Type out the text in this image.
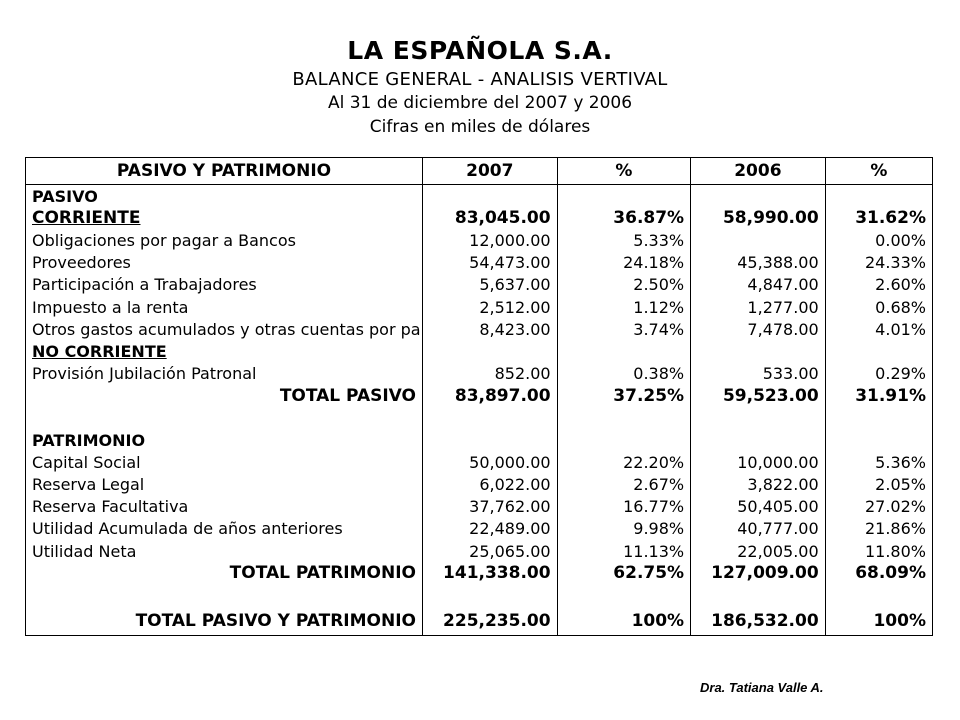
LA ESPAÑOLA S.A.
BALANCE GENERAL - ANALISIS VERTIVAL
Al 31 de diciembre del 2007 y 2006
Cifras en miles de dólares
PASIVO Y PATRIMONIO	2007	%	2006	%
PASIVO				
CORRIENTE	83,045.00	36.87%	58,990.00	31.62%
Obligaciones por pagar a Bancos	12,000.00	5.33%		0.00%
Proveedores	54,473.00	24.18%	45,388.00	24.33%
Participación a Trabajadores	5,637.00	2.50%	4,847.00	2.60%
Impuesto a la renta	2,512.00	1.12%	1,277.00	0.68%
Otros gastos acumulados y otras cuentas por pa	8,423.00	3.74%	7,478.00	4.01%
NO CORRIENTE				
Provisión Jubilación Patronal	852.00	0.38%	533.00	0.29%
TOTAL PASIVO	83,897.00	37.25%	59,523.00	31.91%

PATRIMONIO				
Capital Social	50,000.00	22.20%	10,000.00	5.36%
Reserva Legal	6,022.00	2.67%	3,822.00	2.05%
Reserva Facultativa	37,762.00	16.77%	50,405.00	27.02%
Utilidad Acumulada de años anteriores	22,489.00	9.98%	40,777.00	21.86%
Utilidad Neta	25,065.00	11.13%	22,005.00	11.80%
TOTAL PATRIMONIO	141,338.00	62.75%	127,009.00	68.09%

TOTAL PASIVO Y PATRIMONIO	225,235.00	100%	186,532.00	100%
Dra. Tatiana Valle A.
